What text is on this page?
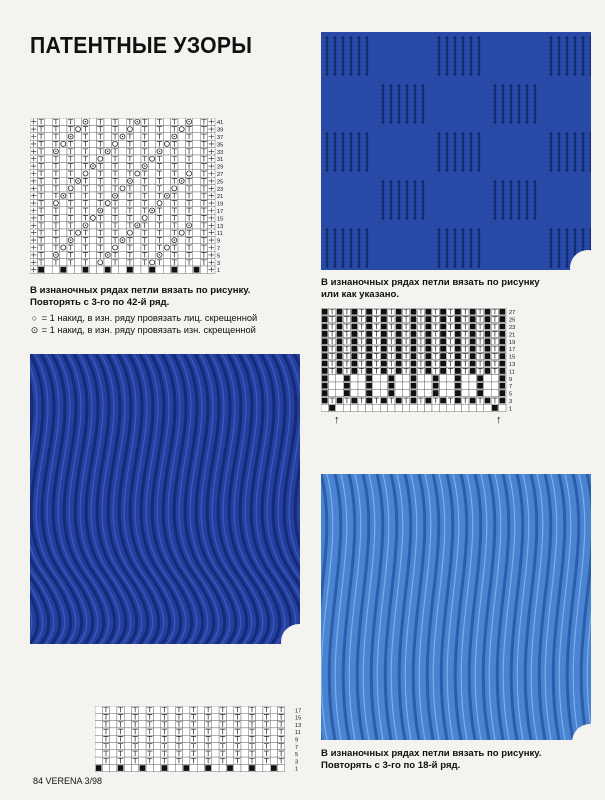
ПАТЕНТНЫЕ УЗОРЫ
41
39
37
35
33
31
29
27
25
23
21
19
17
15
13
11
9
7
5
3
1
В изнаночных рядах петли вязать по рисунку.
Повторять с 3-го по 42-й ряд.
○ = 1 накид, в изн. ряду провязать лиц. скрещенной
⊙ = 1 накид, в изн. ряду провязать изн. скрещенной
В изнаночных рядах петли вязать по рисунку
или как указано.
27
25
23
21
19
17
15
13
11
9
7
5
3
1
↑	↑
В изнаночных рядах петли вязать по рисунку.
Повторять с 3-го по 18-й ряд.
17
15
13
11
9
7
5
3
1
84 VERENA 3/98
